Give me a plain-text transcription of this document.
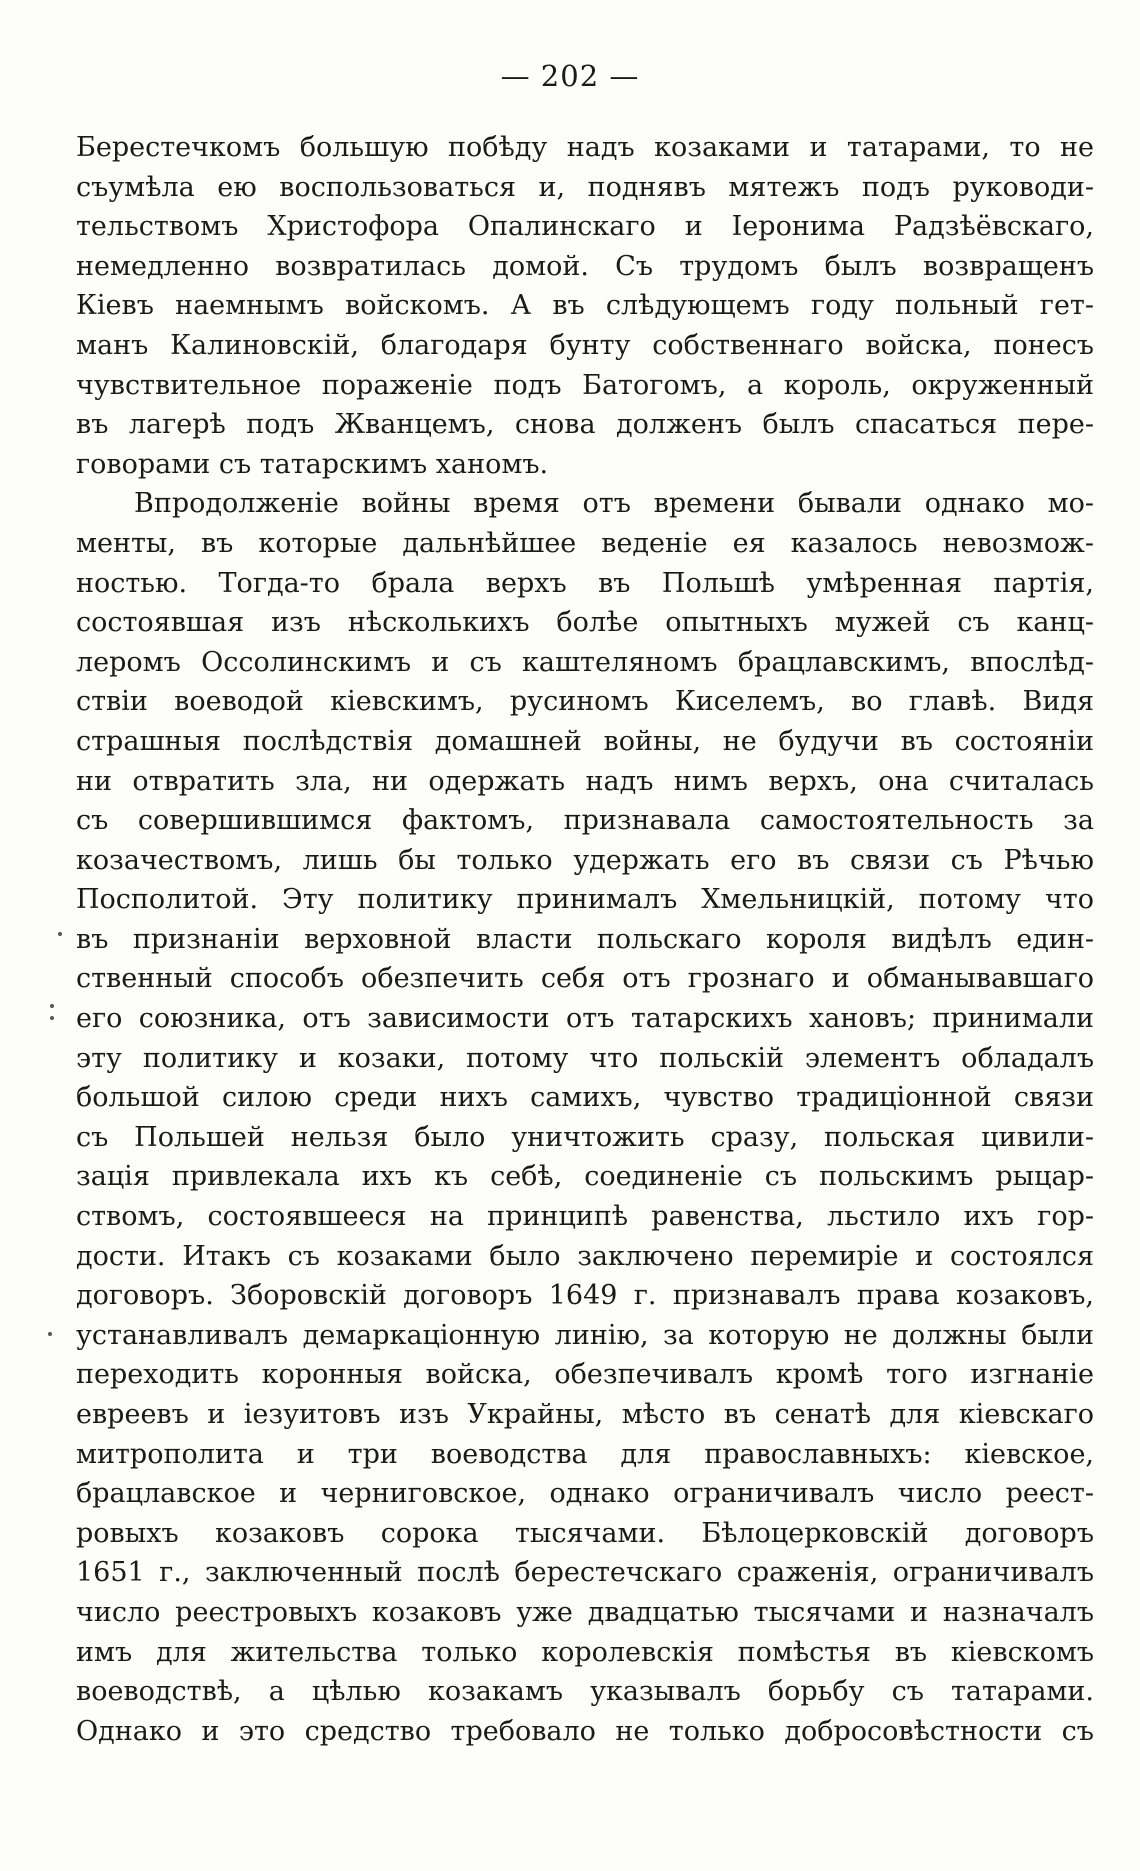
— 202 —
Берестечкомъ большую побѣду надъ козаками и татарами, то не
съумѣла ею воспользоваться и, поднявъ мятежъ подъ руководи-
тельствомъ Христофора Опалинскаго и Іеронима Радзѣёвскаго,
немедленно возвратилась домой. Съ трудомъ былъ возвращенъ
Кіевъ наемнымъ войскомъ. А въ слѣдующемъ году польный гет-
манъ Калиновскій, благодаря бунту собственнаго войска, понесъ
чувствительное пораженіе подъ Батогомъ, а король, окруженный
въ лагерѣ подъ Жванцемъ, снова долженъ былъ спасаться пере-
говорами съ татарскимъ ханомъ.
Впродолженіе войны время отъ времени бывали однако мо-
менты, въ которые дальнѣйшее веденіе ея казалось невозмож-
ностью. Тогда-то брала верхъ въ Польшѣ умѣренная партія,
состоявшая изъ нѣсколькихъ болѣе опытныхъ мужей съ канц-
леромъ Оссолинскимъ и съ каштеляномъ брацлавскимъ, впослѣд-
ствіи воеводой кіевскимъ, русиномъ Киселемъ, во главѣ. Видя
страшныя послѣдствія домашней войны, не будучи въ состояніи
ни отвратить зла, ни одержать надъ нимъ верхъ, она считалась
съ совершившимся фактомъ, признавала самостоятельность за
козачествомъ, лишь бы только удержать его въ связи съ Рѣчью
Посполитой. Эту политику принималъ Хмельницкій, потому что
въ признаніи верховной власти польскаго короля видѣлъ един-
ственный способъ обезпечить себя отъ грознаго и обманывавшаго
его союзника, отъ зависимости отъ татарскихъ хановъ; принимали
эту политику и козаки, потому что польскій элементъ обладалъ
большой силою среди нихъ самихъ, чувство традиціонной связи
съ Польшей нельзя было уничтожить сразу, польская цивили-
зація привлекала ихъ къ себѣ, соединеніе съ польскимъ рыцар-
ствомъ, состоявшееся на принципѣ равенства, льстило ихъ гор-
дости. Итакъ съ козаками было заключено перемиріе и состоялся
договоръ. Зборовскій договоръ 1649 г. признавалъ права козаковъ,
устанавливалъ демаркаціонную линію, за которую не должны были
переходить коронныя войска, обезпечивалъ кромѣ того изгнаніе
евреевъ и іезуитовъ изъ Украйны, мѣсто въ сенатѣ для кіевскаго
митрополита и три воеводства для православныхъ: кіевское,
брацлавское и черниговское, однако ограничивалъ число реест-
ровыхъ козаковъ сорока тысячами. Бѣлоцерковскій договоръ
1651 г., заключенный послѣ берестечскаго сраженія, ограничивалъ
число реестровыхъ козаковъ уже двадцатью тысячами и назначалъ
имъ для жительства только королевскія помѣстья въ кіевскомъ
воеводствѣ, а цѣлью козакамъ указывалъ борьбу съ татарами.
Однако и это средство требовало не только добросовѣстности съ
